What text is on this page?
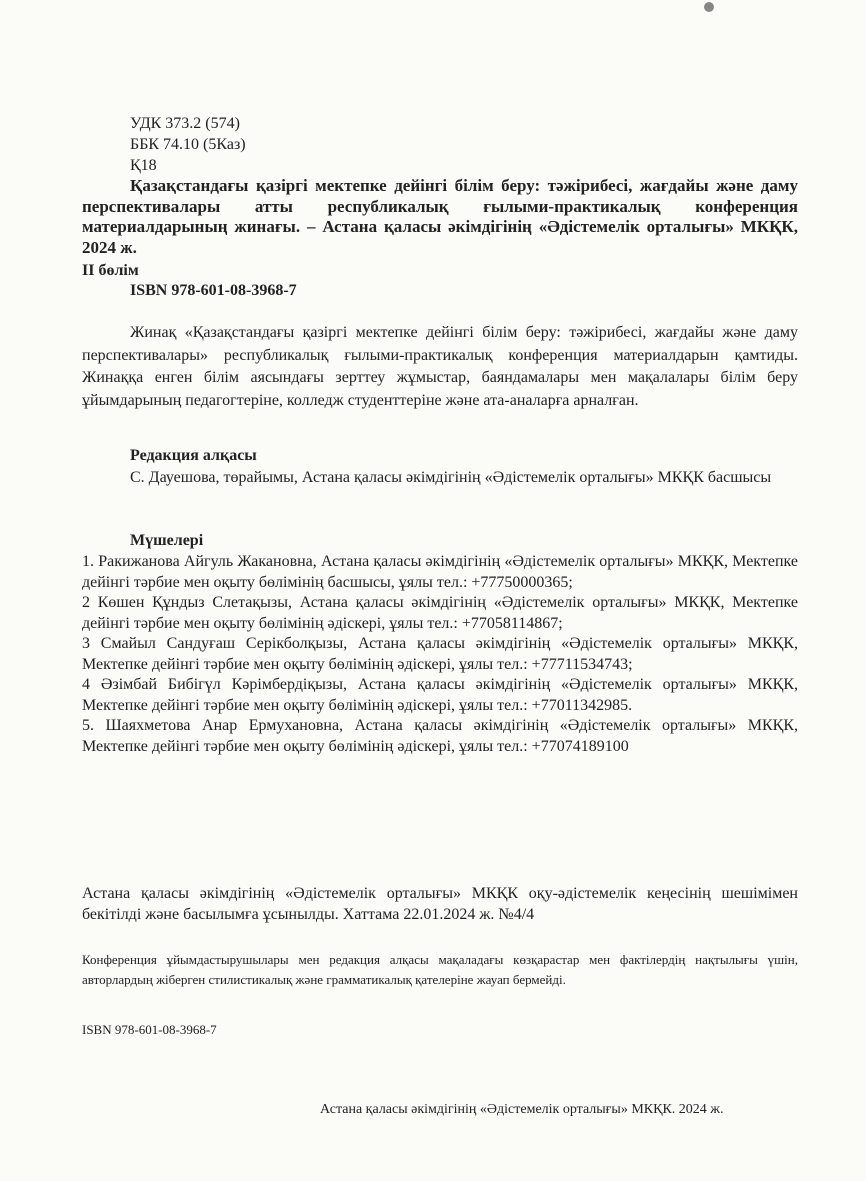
УДК 373.2 (574)
ББК 74.10 (5Каз)
Қ18
Қазақстандағы қазіргі мектепке дейінгі білім беру: тәжірибесі, жағдайы және даму перспективалары атты республикалық ғылыми-практикалық конференция материалдарының жинағы. – Астана қаласы әкімдігінің «Әдістемелік орталығы» МКҚК, 2024 ж.
II бөлім
ISBN 978-601-08-3968-7
Жинақ «Қазақстандағы қазіргі мектепке дейінгі білім беру: тәжірибесі, жағдайы және даму перспективалары» республикалық ғылыми-практикалық конференция материалдарын қамтиды. Жинаққа енген білім аясындағы зерттеу жұмыстар, баяндамалары мен мақалалары білім беру ұйымдарының педагогтеріне, колледж студенттеріне және ата-аналарға арналған.
Редакция алқасы
С. Дауешова, төрайымы, Астана қаласы әкімдігінің «Әдістемелік орталығы» МКҚК басшысы
Мүшелері
1. Ракижанова Айгуль Жакановна, Астана қаласы әкімдігінің «Әдістемелік орталығы» МКҚК, Мектепке дейінгі тәрбие мен оқыту бөлімінің басшысы, ұялы тел.: +77750000365;
2 Көшен Құндыз Слетақызы, Астана қаласы әкімдігінің «Әдістемелік орталығы» МКҚК, Мектепке дейінгі тәрбие мен оқыту бөлімінің әдіскері, ұялы тел.: +77058114867;
3 Смайыл Сандуғаш Серікболқызы, Астана қаласы әкімдігінің «Әдістемелік орталығы» МКҚК, Мектепке дейінгі тәрбие мен оқыту бөлімінің әдіскері, ұялы тел.: +77711534743;
4 Әзімбай Бибігүл Кәрімбердіқызы, Астана қаласы әкімдігінің «Әдістемелік орталығы» МКҚК, Мектепке дейінгі тәрбие мен оқыту бөлімінің әдіскері, ұялы тел.: +77011342985.
5. Шаяхметова Анар Ермухановна, Астана қаласы әкімдігінің «Әдістемелік орталығы» МКҚК, Мектепке дейінгі тәрбие мен оқыту бөлімінің әдіскері, ұялы тел.: +77074189100
Астана қаласы әкімдігінің «Әдістемелік орталығы» МКҚК оқу-әдістемелік кеңесінің шешімімен бекітілді және басылымға ұсынылды. Хаттама 22.01.2024 ж. №4/4
Конференция ұйымдастырушылары мен редакция алқасы мақаладағы көзқарастар мен фактілердің нақтылығы үшін, авторлардың жіберген стилистикалық және грамматикалық қателеріне жауап бермейді.
ISBN 978-601-08-3968-7
Астана қаласы әкімдігінің «Әдістемелік орталығы» МКҚК. 2024 ж.
